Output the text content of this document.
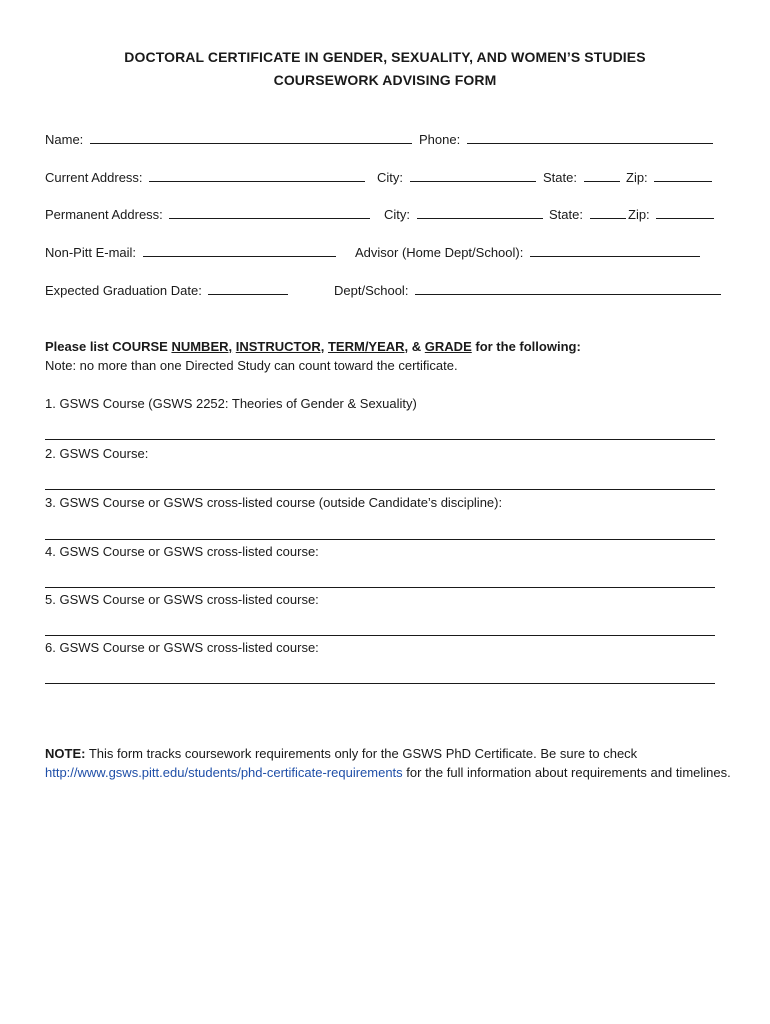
DOCTORAL CERTIFICATE IN GENDER, SEXUALITY, AND WOMEN’S STUDIES
COURSEWORK ADVISING FORM
Name:	Phone:
Current Address:	City:	State:	Zip:
Permanent Address:	City:	State:	Zip:
Non-Pitt E-mail:	Advisor (Home Dept/School):
Expected Graduation Date:	Dept/School:
Please list COURSE NUMBER, INSTRUCTOR, TERM/YEAR, & GRADE for the following:
Note: no more than one Directed Study can count toward the certificate.
1. GSWS Course (GSWS 2252: Theories of Gender & Sexuality)
2. GSWS Course:
3. GSWS Course or GSWS cross-listed course (outside Candidate’s discipline):
4. GSWS Course or GSWS cross-listed course:
5. GSWS Course or GSWS cross-listed course:
6. GSWS Course or GSWS cross-listed course:
NOTE: This form tracks coursework requirements only for the GSWS PhD Certificate. Be sure to check
http://www.gsws.pitt.edu/students/phd-certificate-requirements for the full information about requirements and timelines.
